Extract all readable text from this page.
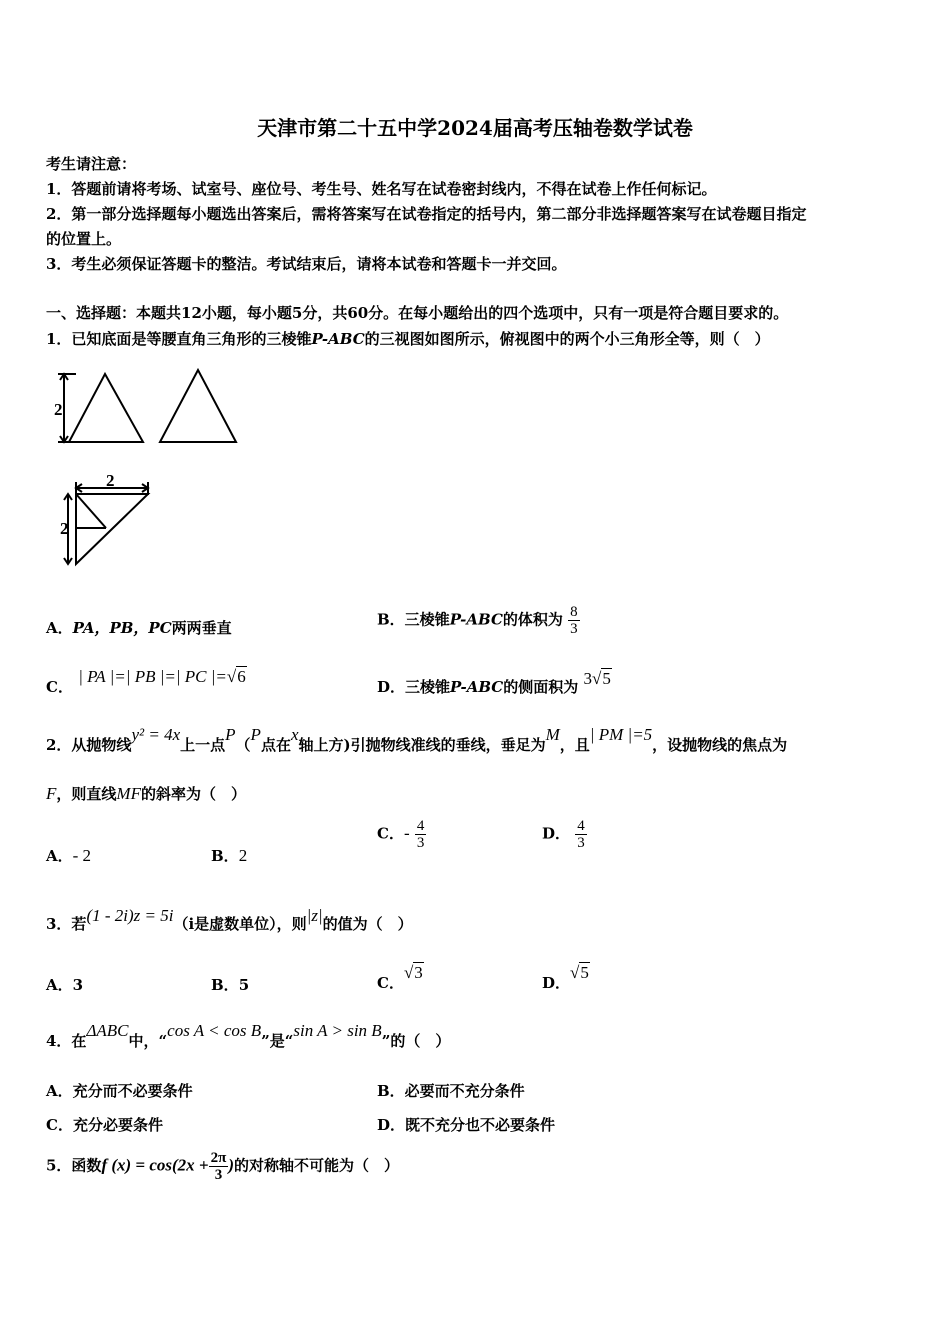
天津市第二十五中学2024届高考压轴卷数学试卷
考生请注意：
1．答题前请将考场、试室号、座位号、考生号、姓名写在试卷密封线内，不得在试卷上作任何标记。
2．第一部分选择题每小题选出答案后，需将答案写在试卷指定的括号内，第二部分非选择题答案写在试卷题目指定
的位置上。
3．考生必须保证答题卡的整洁。考试结束后，请将本试卷和答题卡一并交回。
一、选择题：本题共12小题，每小题5分，共60分。在每小题给出的四个选项中，只有一项是符合题目要求的。
1．已知底面是等腰直角三角形的三棱锥P-ABC的三视图如图所示，俯视图中的两个小三角形全等，则（　）
2
2
2
A．PA，PB，PC两两垂直	B．三棱锥P-ABC的体积为 $\frac{8}{3}$
C． | PA |=| PB |=| PC |=√6
D．三棱锥P-ABC的侧面积为 3√5
2．从抛物线y² = 4x上一点P（P点在x轴上方)引抛物线准线的垂线，垂足为M，且| PM |=5，设抛物线的焦点为
F，则直线MF的斜率为（　）
A．- 2	B．2
C．- $\frac{4}{3}$	D． $\frac{4}{3}$
3．若(1 - 2i)z = 5i（i是虚数单位），则|z|的值为（　）
A．3	B．5	C．√3
D．√5
4．在ΔABC中，“cos A < cos B”是“sin A > sin B”的（　）
A．充分而不必要条件	B．必要而不充分条件
C．充分必要条件	D．既不充分也不必要条件
5．函数f $(x) = \cos(2x + \frac{2\pi}{3}$ )的对称轴不可能为（　）
